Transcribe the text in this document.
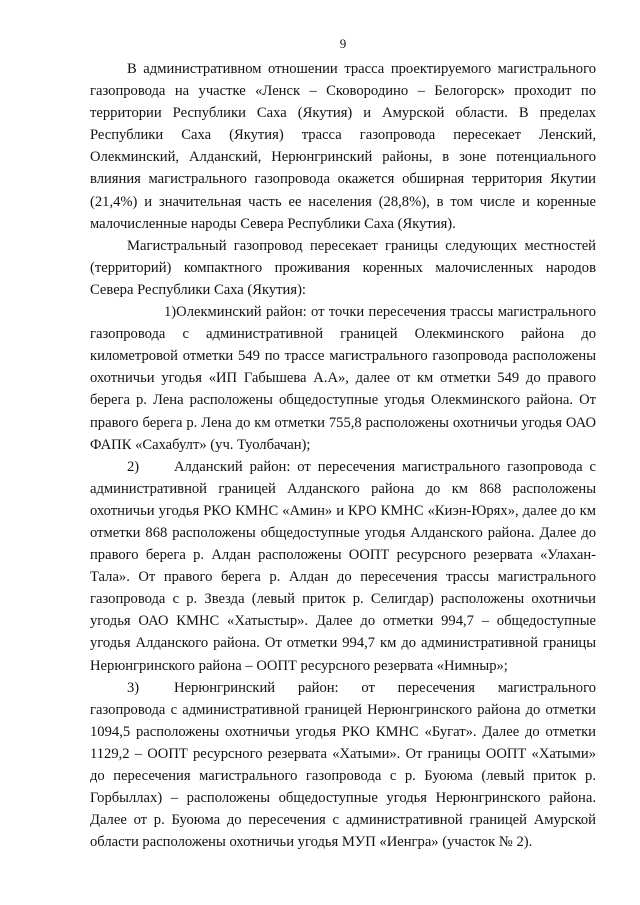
9

В административном отношении трасса проектируемого магистрального газопровода на участке «Ленск – Сковородино – Белогорск» проходит по территории Республики Саха (Якутия) и Амурской области. В пределах Республики Саха (Якутия) трасса газопровода пересекает Ленский, Олекминский, Алданский, Нерюнгринский районы, в зоне потенциального влияния магистрального газопровода окажется обширная территория Якутии (21,4%) и значительная часть ее населения (28,8%), в том числе и коренные малочисленные народы Севера Республики Саха (Якутия).

Магистральный газопровод пересекает границы следующих местностей (территорий) компактного проживания коренных малочисленных народов Севера Республики Саха (Якутия):

1)Олекминский район: от точки пересечения трассы магистрального газопровода с административной границей Олекминского района до километровой отметки 549 по трассе магистрального газопровода расположены охотничьи угодья «ИП Габышева А.А», далее от км отметки 549 до правого берега р. Лена расположены общедоступные угодья Олекминского района. От правого берега р. Лена до км отметки 755,8 расположены охотничьи угодья ОАО ФАПК «Сахабулт» (уч. Туолбачан);

2) Алданский район: от пересечения магистрального газопровода с административной границей Алданского района до км 868 расположены охотничьи угодья РКО КМНС «Амин» и КРО КМНС «Киэн-Юрях», далее до км отметки 868 расположены общедоступные угодья Алданского района. Далее до правого берега р. Алдан расположены ООПТ ресурсного резервата «Улахан-Тала». От правого берега р. Алдан до пересечения трассы магистрального газопровода с р. Звезда (левый приток р. Селигдар) расположены охотничьи угодья ОАО КМНС «Хатыстыр». Далее до отметки 994,7 – общедоступные угодья Алданского района. От отметки 994,7 км до административной границы Нерюнгринского района – ООПТ ресурсного резервата «Нимныр»;

3) Нерюнгринский район: от пересечения магистрального газопровода с административной границей Нерюнгринского района до отметки 1094,5 расположены охотничьи угодья РКО КМНС «Бугат». Далее до отметки 1129,2 – ООПТ ресурсного резервата «Хатыми». От границы ООПТ «Хатыми» до пересечения магистрального газопровода с р. Буоюма (левый приток р. Горбыллах) – расположены общедоступные угодья Нерюнгринского района. Далее от р. Буоюма до пересечения с административной границей Амурской области расположены охотничьи угодья МУП «Иенгра» (участок № 2).
